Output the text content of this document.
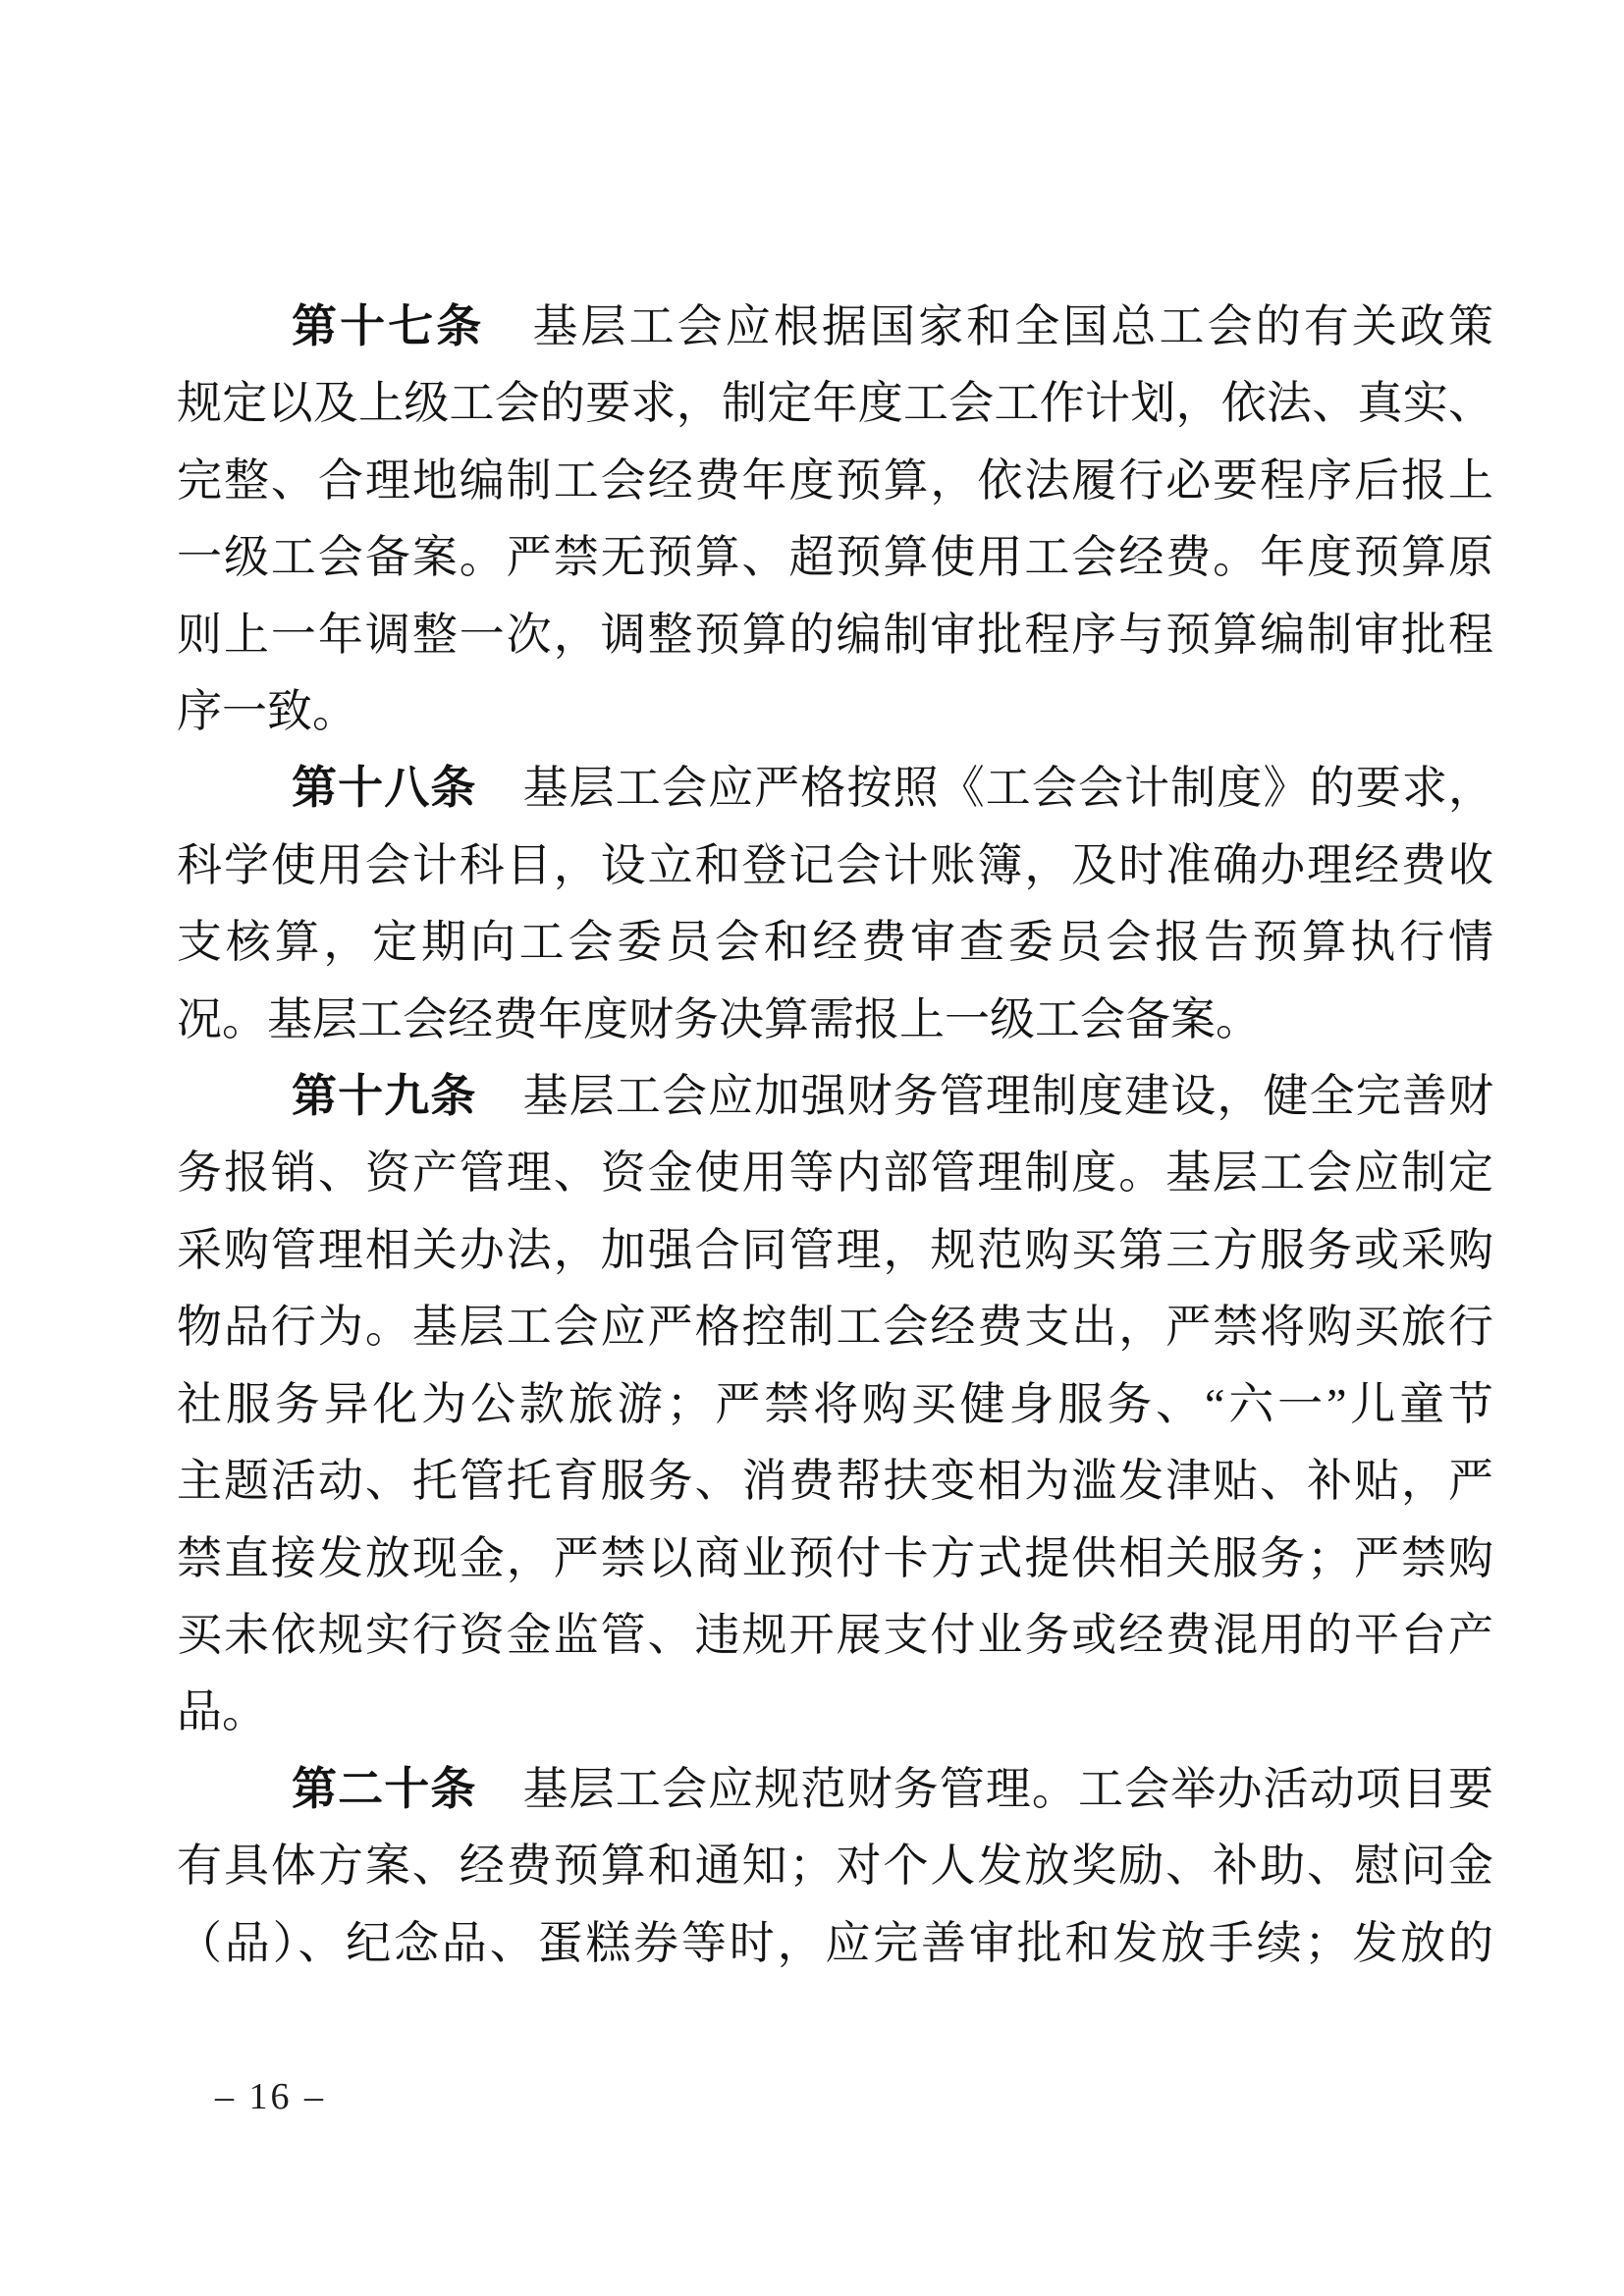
第十七条　 基层工会应根据国家和全国总工会的有关政策
规定以及上级工会的要求，制定年度工会工作计划，依法、真实、
完整、合理地编制工会经费年度预算，依法履行必要程序后报上
一级工会备案。严禁无预算、超预算使用工会经费。年度预算原
则上一年调整一次，调整预算的编制审批程序与预算编制审批程
序一致。
第十八条　 基层工会应严格按照《工会会计制度》的要求，
科学使用会计科目，设立和登记会计账簿，及时准确办理经费收
支核算，定期向工会委员会和经费审查委员会报告预算执行情
况。基层工会经费年度财务决算需报上一级工会备案。
第十九条　 基层工会应加强财务管理制度建设，健全完善财
务报销、资产管理、资金使用等内部管理制度。基层工会应制定
采购管理相关办法，加强合同管理，规范购买第三方服务或采购
物品行为。基层工会应严格控制工会经费支出，严禁将购买旅行
社服务异化为公款旅游；严禁将购买健身服务、“六一”儿童节
主题活动、托管托育服务、消费帮扶变相为滥发津贴、补贴，严
禁直接发放现金，严禁以商业预付卡方式提供相关服务；严禁购
买未依规实行资金监管、违规开展支付业务或经费混用的平台产
品。
第二十条　 基层工会应规范财务管理。工会举办活动项目要
有具体方案、经费预算和通知；对个人发放奖励、补助、慰问金
（品）、纪念品、蛋糕券等时，应完善审批和发放手续；发放的
– 16 –
